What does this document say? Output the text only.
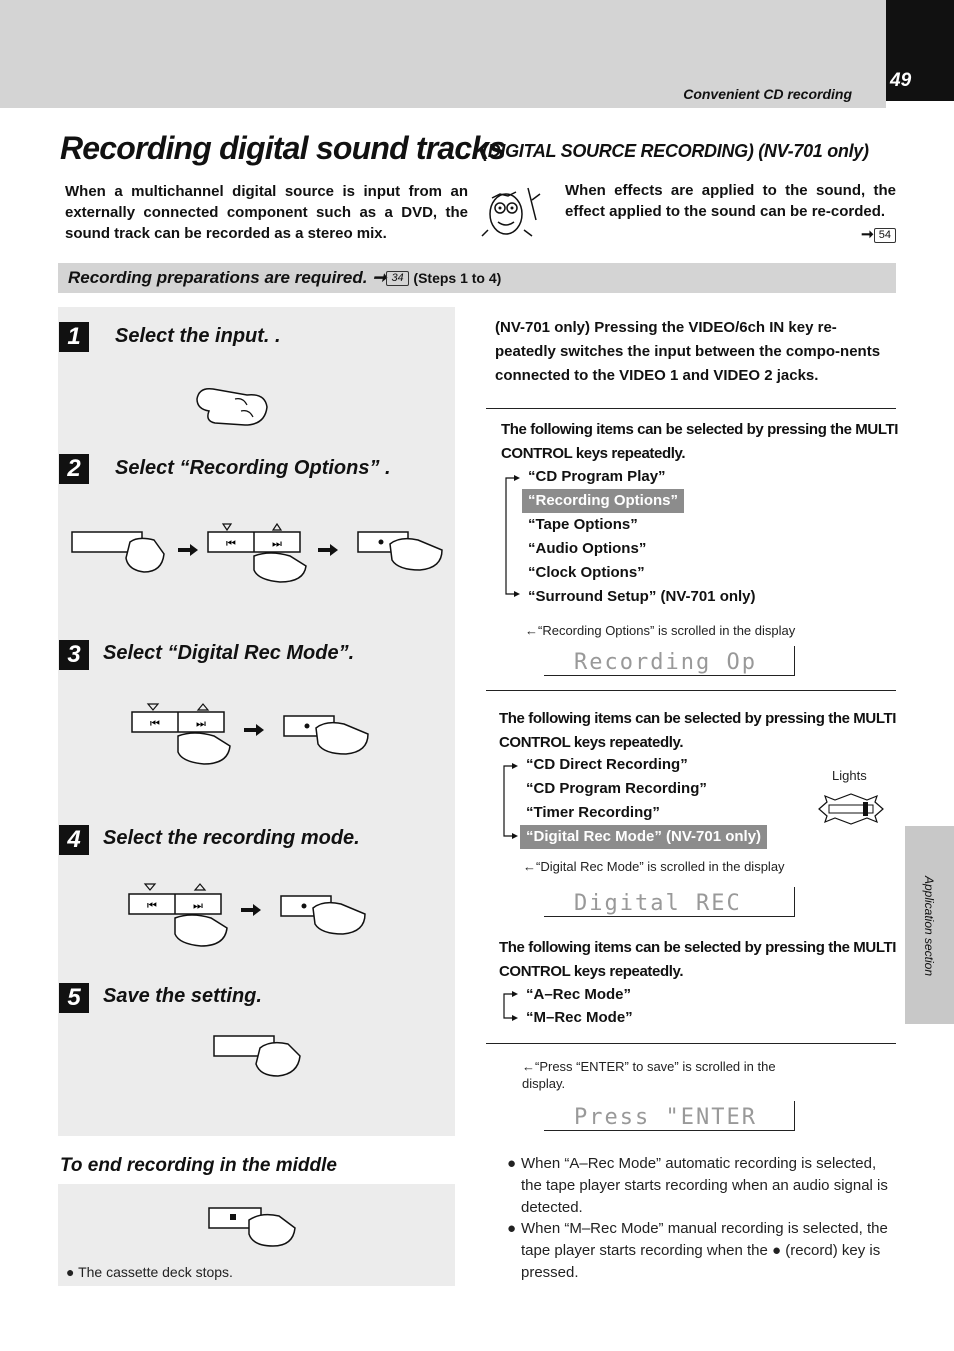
49
Convenient CD recording
Recording digital sound tracks
(DIGITAL SOURCE RECORDING) (NV-701 only)
When a multichannel digital source is input from an externally connected component such as a DVD, the sound track can be recorded as a stereo mix.
When effects are applied to the sound, the effect applied to the sound can be re-corded.
➞ 54
Recording preparations are required. ➞ 34 (Steps 1 to 4)
1	Select the input. .
2	Select “Recording Options” .
⏮	⏭
3	Select “Digital Rec Mode”.
⏮	⏭
4	Select the recording mode.
⏮	⏭
5	Save the setting.
To end recording in the middle
● The cassette deck stops.
(NV-701 only) Pressing the VIDEO/6ch IN key re-peatedly switches the input between the compo-nents connected to the VIDEO 1 and VIDEO 2 jacks.
The following items can be selected by pressing the MULTI CONTROL keys repeatedly.
“CD Program Play”
“Recording Options”
“Tape Options”
“Audio Options”
“Clock Options”
“Surround Setup” (NV-701 only)
←“Recording Options” is scrolled in the display
Recording Op
The following items can be selected by pressing the MULTI CONTROL keys repeatedly.
“CD Direct Recording”
“CD Program Recording”
“Timer Recording”
“Digital Rec Mode” (NV-701 only)
Lights
←“Digital Rec Mode” is scrolled in the display
Digital REC
The following items can be selected by pressing the MULTI CONTROL keys repeatedly.
“A–Rec Mode”
“M–Rec Mode”
←“Press “ENTER” to save” is scrolled in the display.
Press "ENTER
● When “A–Rec Mode” automatic recording is selected, the tape player starts recording when an audio signal is detected.
● When “M–Rec Mode” manual recording is selected, the tape player starts recording when the ● (record) key is pressed.
Application section
